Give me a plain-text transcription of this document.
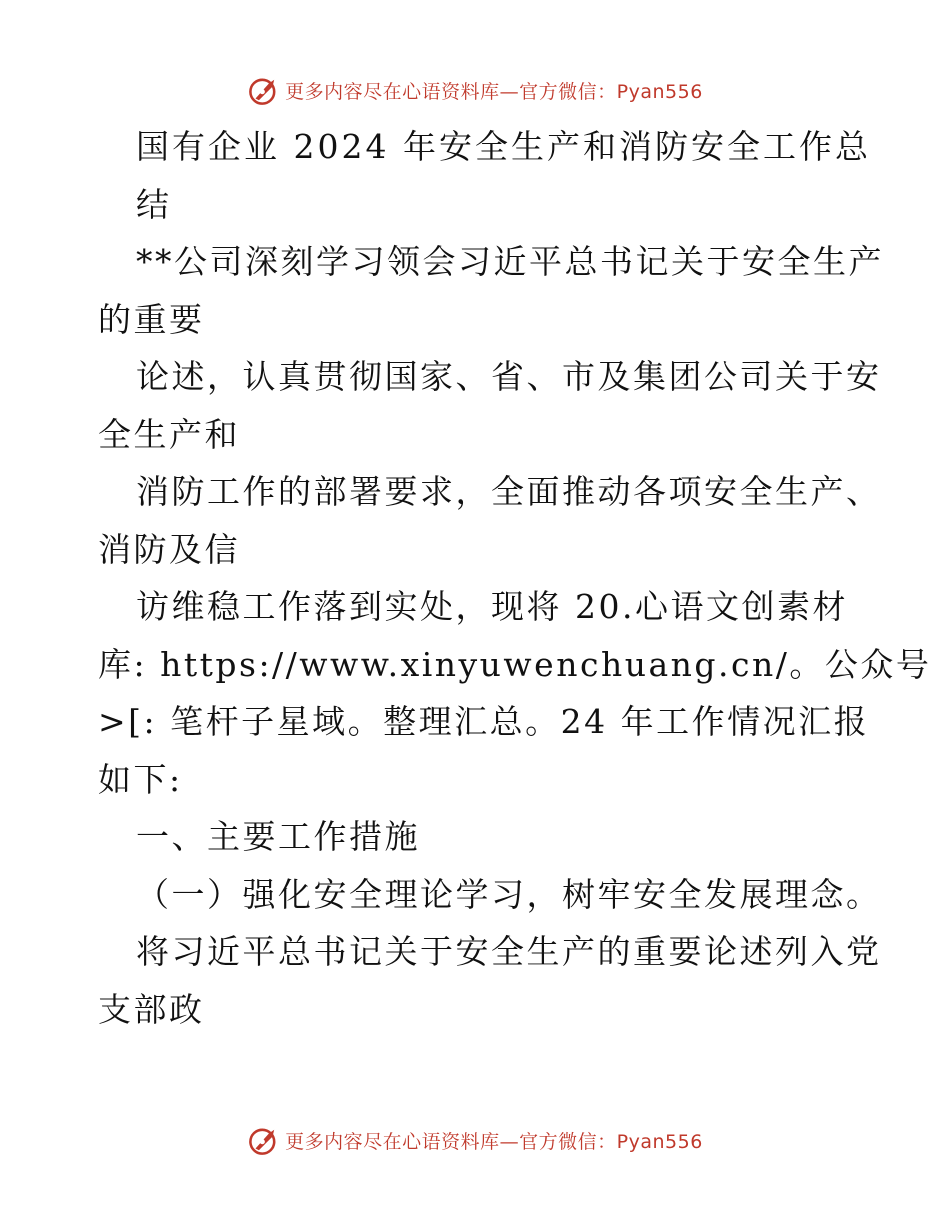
更多内容尽在心语资料库—官方微信：Pyan556
国有企业 2024 年安全生产和消防安全工作总
结
**公司深刻学习领会习近平总书记关于安全生产
的重要
论述，认真贯彻国家、省、市及集团公司关于安
全生产和
消防工作的部署要求，全面推动各项安全生产、
消防及信
访维稳工作落到实处，现将 20.心语文创素材
库: https://www.xinyuwenchuang.cn/。公众号
>[: 笔杆子星域。整理汇总。24 年工作情况汇报
如下:
一、主要工作措施
（一）强化安全理论学习，树牢安全发展理念。
将习近平总书记关于安全生产的重要论述列入党
支部政
更多内容尽在心语资料库—官方微信：Pyan556
